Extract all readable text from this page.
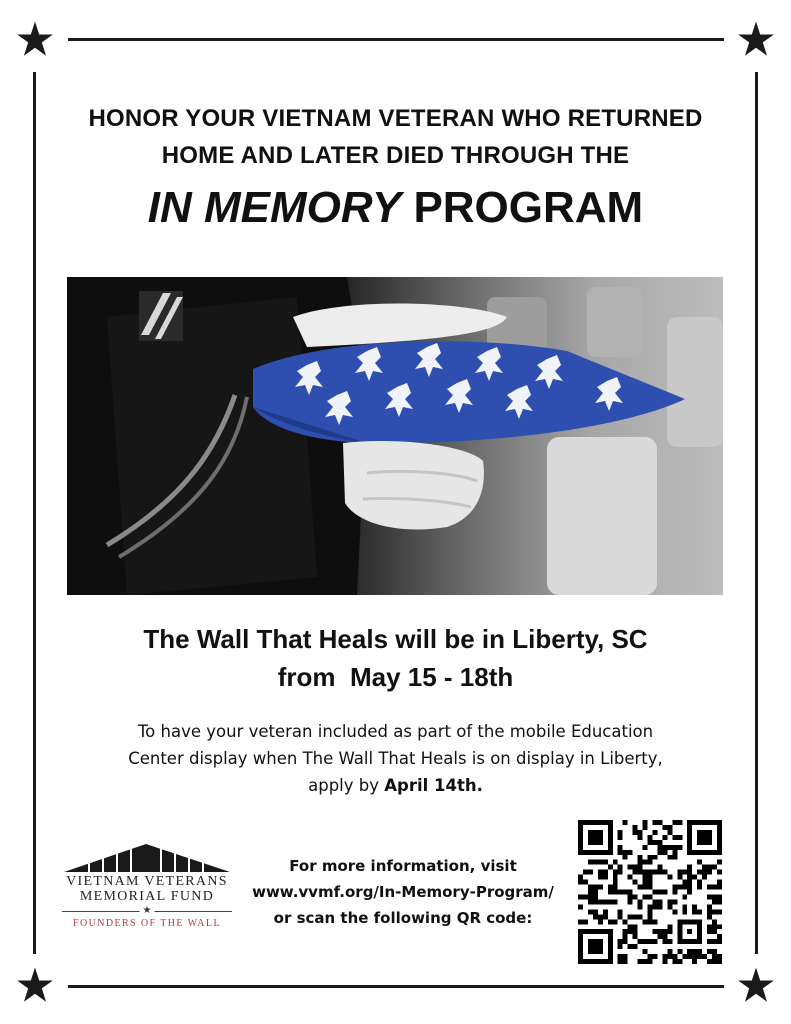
HONOR YOUR VIETNAM VETERAN WHO RETURNED
HOME AND LATER DIED THROUGH THE
IN MEMORY PROGRAM
The Wall That Heals will be in Liberty, SC
from  May 15 - 18th
To have your veteran included as part of the mobile Education
Center display when The Wall That Heals is on display in Liberty,
apply by April 14th.
VIETNAM VETERANS
MEMORIAL FUND
★
FOUNDERS OF THE WALL
For more information, visit
www.vvmf.org/In-Memory-Program/
or scan the following QR code:
